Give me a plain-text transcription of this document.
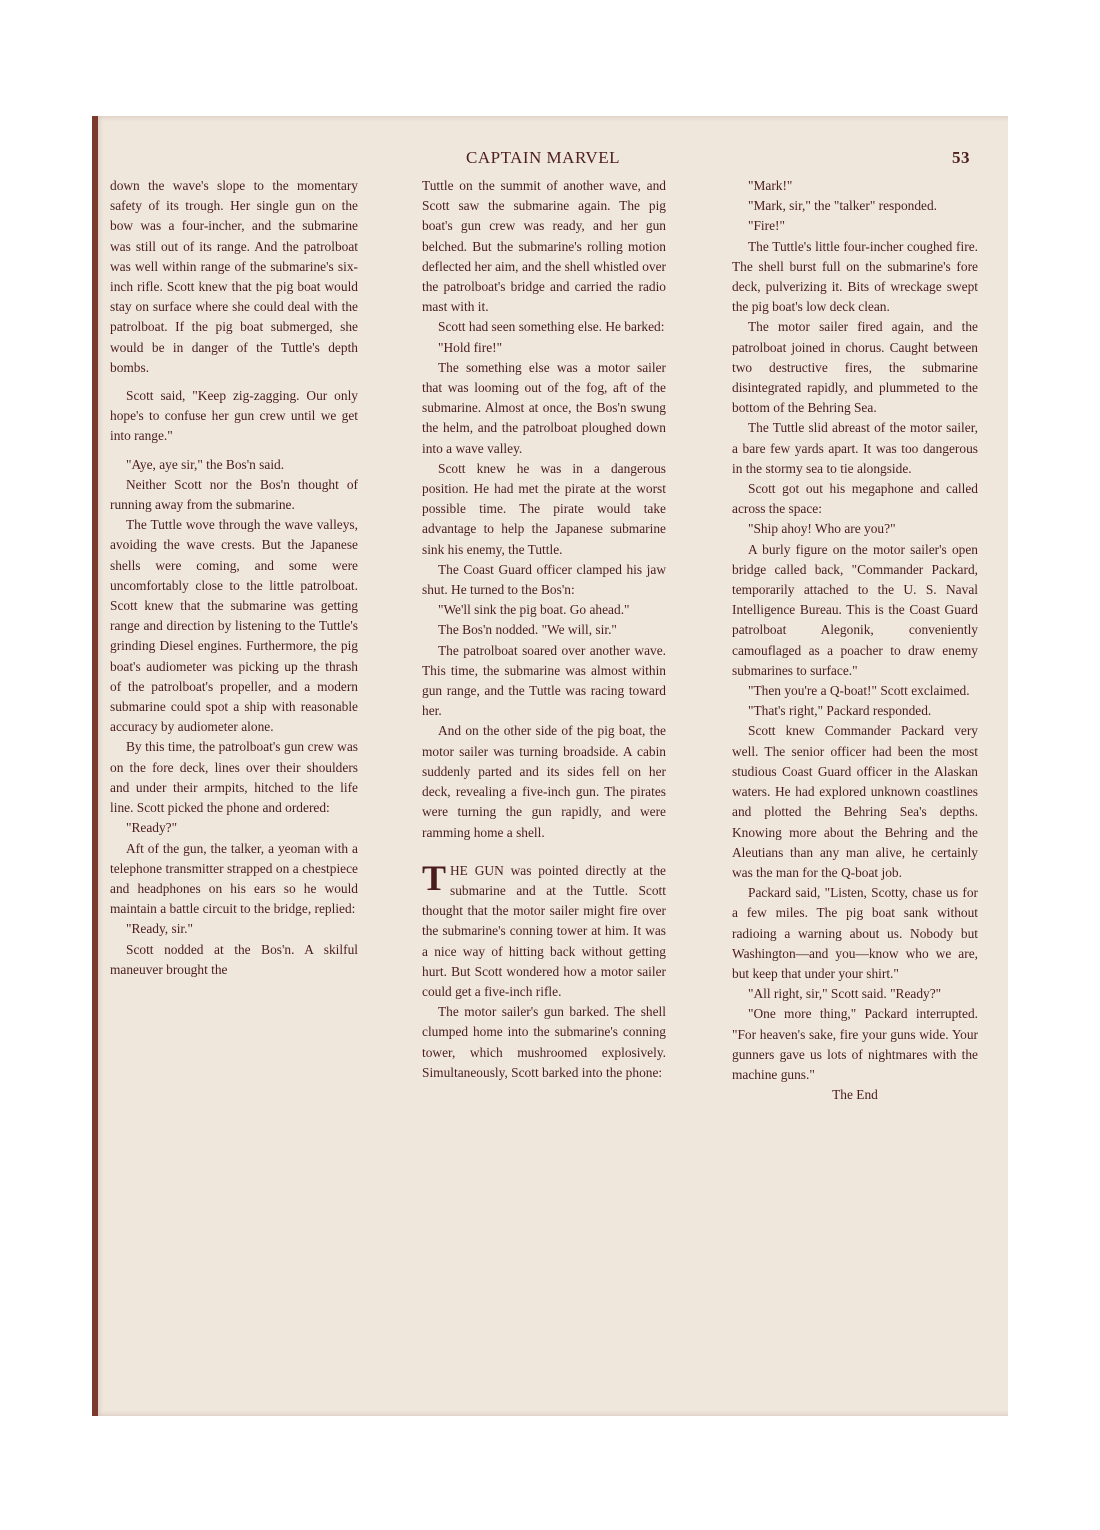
CAPTAIN MARVEL	53

down the wave's slope to the momentary safety of its trough. Her single gun on the bow was a four-incher, and the submarine was still out of its range. And the patrolboat was well within range of the submarine's six-inch rifle. Scott knew that the pig boat would stay on surface where she could deal with the patrolboat. If the pig boat submerged, she would be in danger of the Tuttle's depth bombs.

Scott said, "Keep zig-zagging. Our only hope's to confuse her gun crew until we get into range."

"Aye, aye sir," the Bos'n said.

Neither Scott nor the Bos'n thought of running away from the submarine.

The Tuttle wove through the wave valleys, avoiding the wave crests. But the Japanese shells were coming, and some were uncomfortably close to the little patrolboat. Scott knew that the submarine was getting range and direction by listening to the Tuttle's grinding Diesel engines. Furthermore, the pig boat's audiometer was picking up the thrash of the patrolboat's propeller, and a modern submarine could spot a ship with reasonable accuracy by audiometer alone.

By this time, the patrolboat's gun crew was on the fore deck, lines over their shoulders and under their armpits, hitched to the life line. Scott picked the phone and ordered:

"Ready?"

Aft of the gun, the talker, a yeoman with a telephone transmitter strapped on a chestpiece and headphones on his ears so he would maintain a battle circuit to the bridge, replied:

"Ready, sir."

Scott nodded at the Bos'n. A skilful maneuver brought the

Tuttle on the summit of another wave, and Scott saw the submarine again. The pig boat's gun crew was ready, and her gun belched. But the submarine's rolling motion deflected her aim, and the shell whistled over the patrolboat's bridge and carried the radio mast with it.

Scott had seen something else. He barked:

"Hold fire!"

The something else was a motor sailer that was looming out of the fog, aft of the submarine. Almost at once, the Bos'n swung the helm, and the patrolboat ploughed down into a wave valley.

Scott knew he was in a dangerous position. He had met the pirate at the worst possible time. The pirate would take advantage to help the Japanese submarine sink his enemy, the Tuttle.

The Coast Guard officer clamped his jaw shut. He turned to the Bos'n:

"We'll sink the pig boat. Go ahead."

The Bos'n nodded. "We will, sir."

The patrolboat soared over another wave. This time, the submarine was almost within gun range, and the Tuttle was racing toward her.

And on the other side of the pig boat, the motor sailer was turning broadside. A cabin suddenly parted and its sides fell on her deck, revealing a five-inch gun. The pirates were turning the gun rapidly, and were ramming home a shell.

THE GUN was pointed directly at the submarine and at the Tuttle. Scott thought that the motor sailer might fire over the submarine's conning tower at him. It was a nice way of hitting back without getting hurt. But Scott wondered how a motor sailer could get a five-inch rifle.

The motor sailer's gun barked. The shell clumped home into the submarine's conning tower, which mushroomed explosively. Simultaneously, Scott barked into the phone:

"Mark!"

"Mark, sir," the "talker" responded.

"Fire!"

The Tuttle's little four-incher coughed fire. The shell burst full on the submarine's fore deck, pulverizing it. Bits of wreckage swept the pig boat's low deck clean.

The motor sailer fired again, and the patrolboat joined in chorus. Caught between two destructive fires, the submarine disintegrated rapidly, and plummeted to the bottom of the Behring Sea.

The Tuttle slid abreast of the motor sailer, a bare few yards apart. It was too dangerous in the stormy sea to tie alongside.

Scott got out his megaphone and called across the space:

"Ship ahoy! Who are you?"

A burly figure on the motor sailer's open bridge called back, "Commander Packard, temporarily attached to the U. S. Naval Intelligence Bureau. This is the Coast Guard patrolboat Alegonik, conveniently camouflaged as a poacher to draw enemy submarines to surface."

"Then you're a Q-boat!" Scott exclaimed.

"That's right," Packard responded.

Scott knew Commander Packard very well. The senior officer had been the most studious Coast Guard officer in the Alaskan waters. He had explored unknown coastlines and plotted the Behring Sea's depths. Knowing more about the Behring and the Aleutians than any man alive, he certainly was the man for the Q-boat job.

Packard said, "Listen, Scotty, chase us for a few miles. The pig boat sank without radioing a warning about us. Nobody but Washington—and you—know who we are, but keep that under your shirt."

"All right, sir," Scott said. "Ready?"

"One more thing," Packard interrupted. "For heaven's sake, fire your guns wide. Your gunners gave us lots of nightmares with the machine guns."

The End
